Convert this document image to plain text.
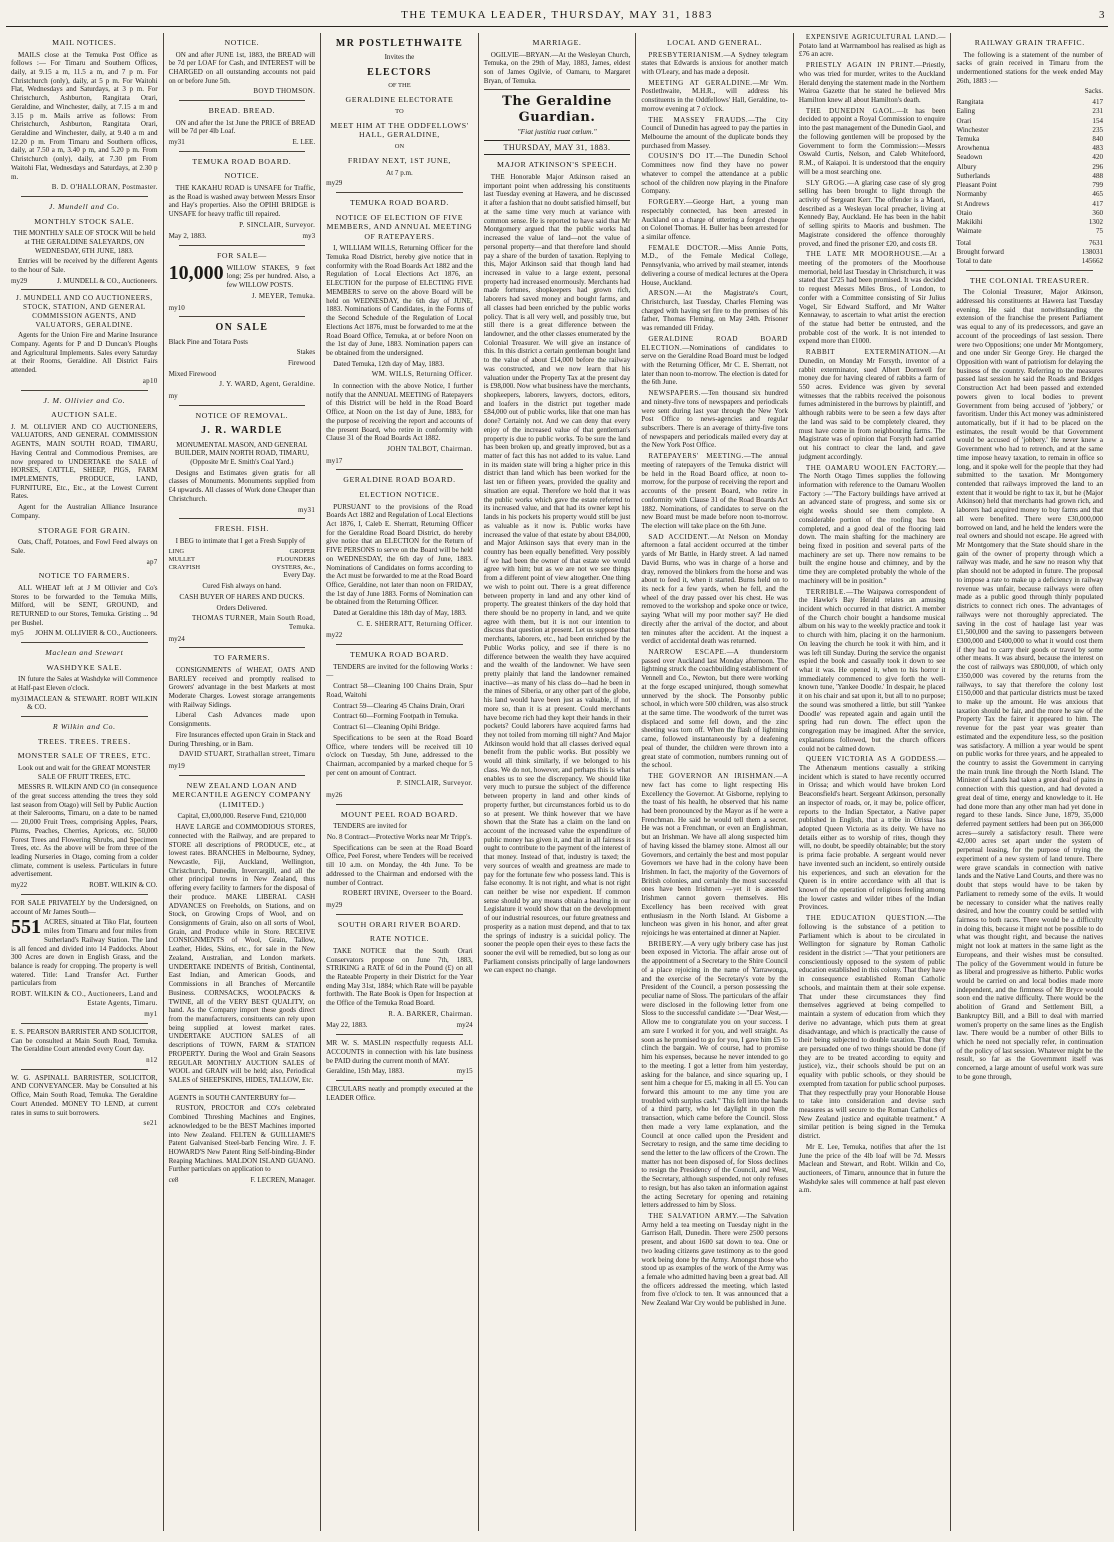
THE TEMUKA LEADER, THURSDAY, MAY 31, 1883	3
MAIL NOTICES.

MAILS close at the Temuka Post Office as follows :— For Timaru and Southern Offices, daily, at 9.15 a m, 11.5 a m, and 7 p m. For Christchurch (only), daily, at 5 p m. For Waitohi Flat, Wednesdays and Saturdays, at 3 p m. For Christchurch, Ashburton, Rangitata Orari, Geraldine, and Winchester, daily, at 7.15 a m and 3.15 p m. Mails arrive as follows: From Christchurch, Ashburton, Rangitata Orari, Geraldine and Winchester, daily, at 9.40 a m and 12.20 p m. From Timaru and Southern offices, daily, at 7.50 a m, 3.40 p m, and 5.20 p m. From Christchurch (only), daily, at 7.30 pm From Waitohi Flat, Wednesdays and Saturdays, at 2.30 p m.

B. D. O'HALLORAN, Postmaster.

J. Mundell and Co.
MONTHLY STOCK SALE.

THE MONTHLY SALE OF STOCK Will be held at THE GERALDINE SALEYARDS, ON WEDNESDAY, 6TH JUNE, 1883.

Entries will be received by the different Agents to the hour of Sale.

my29	J. MUNDELL & CO., Auctioneers.

J. MUNDELL AND CO AUCTIONEERS, STOCK, STATION, AND GENERAL COMMISSION AGENTS, AND VALUATORS, GERALDINE.

Agents for the Union Fire and Marine Insurance Company. Agents for P and D Duncan's Ploughs and Agricultural Implements. Sales every Saturday at their Rooms, Geraldine. All District Fairs attended.

ap10

J. M. Ollivier and Co.
AUCTION SALE.

J. M. OLLIVIER AND CO AUCTIONEERS, VALUATORS, AND GENERAL COMMISSION AGENTS, MAIN SOUTH ROAD, TIMARU, Having Central and Commodious Premises, are now prepared to UNDERTAKE the SALE of HORSES, CATTLE, SHEEP, PIGS, FARM IMPLEMENTS, PRODUCE, LAND, FURNITURE, Etc., Etc., at the Lowest Current Rates.

Agent for the Australian Alliance Insurance Company.

STORAGE FOR GRAIN.

Oats, Chaff, Potatoes, and Fowl Feed always on Sale.

ap7

NOTICE TO FARMERS.

ALL WHEAT left at J M Ollivier and Co's Stores to be forwarded to the Temuka Mills, Milford, will be SENT, GROUND, and RETURNED to our Stores, Temuka. Gristing ... 9d per Bushel.

my5 JOHN M. OLLIVIER & CO., Auctioneers.
Maclean and Stewart
WASHDYKE SALE.

IN future the Sales at Washdyke will Commence at Half-past Eleven o'clock.

my31 MACLEAN & STEWART. ROBT WILKIN & CO.
R Wilkin and Co.
TREES. TREES. TREES.
MONSTER SALE OF TREES, ETC.

Look out and wait for the GREAT MONSTER SALE OF FRUIT TREES, ETC.

MESSRS R. WILKIN AND CO (in consequence of the great success attending the trees they sold last season from Otago) will Sell by Public Auction at their Salerooms, Timaru, on a date to be named— 20,000 Fruit Trees, comprising Apples, Pears, Plums, Peaches, Cherries, Apricots, etc. 50,000 Forest Trees and Flowering Shrubs, and Specimen Trees, etc. As the above will be from three of the leading Nurseries in Otago, coming from a colder climate, comment is useless. Particulars in future advertisement.

my22	ROBT. WILKIN & CO.

FOR SALE PRIVATELY by the Undersigned, on account of Mr James South—

551 ACRES, situated at Tiko Flat, fourteen miles from Timaru and four miles from Sutherland's Railway Station. The land is all fenced and divided into 14 Paddocks. About 300 Acres are down in English Grass, and the balance is ready for cropping. The property is well watered. Title: Land Transfer Act. Further particulars from

ROBT. WILKIN & CO., Auctioneers, Land and Estate Agents, Timaru.

my1

E. S. PEARSON BARRISTER AND SOLICITOR, Can be consulted at Main South Road, Temuka. The Geraldine Court attended every Court day.

n12

W. G. ASPINALL BARRISTER, SOLICITOR, AND CONVEYANCER. May be Consulted at his Office, Main South Road, Temuka. The Geraldine Court Attended. MONEY TO LEND, at current rates in sums to suit borrowers.

se21

NOTICE.

ON and after JUNE 1st, 1883, the BREAD will be 7d per LOAF for Cash, and INTEREST will be CHARGED on all outstanding accounts not paid on or before June 5th.

BOYD THOMSON.

BREAD. BREAD.

ON and after the 1st June the PRICE of BREAD will be 7d per 4lb Loaf.

my31	E. LEE.
TEMUKA ROAD BOARD.
NOTICE.

THE KAKAHU ROAD is UNSAFE for Traffic, as the Road is washed away between Messrs Ensor and Hay's properties. Also the OPIHI BRIDGE is UNSAFE for heavy traffic till repaired.

P. SINCLAIR, Surveyor.

May 2, 1883.	my3
FOR SALE—

10,000 WILLOW STAKES, 9 feet long; 25s per hundred. Also, a few WILLOW POSTS.

J. MEYER, Temuka.

my10

ON SALE

Black Pine and Totara Posts

Stakes

Firewood

Mixed Firewood

J. Y. WARD, Agent, Geraldine.

my

NOTICE OF REMOVAL.
J. R. WARDLE

MONUMENTAL MASON, AND GENERAL BUILDER, MAIN NORTH ROAD, TIMARU, (Opposite Mr E. Smith's Coal Yard.)

Designs and Estimates given gratis for all classes of Monuments. Monuments supplied from £4 upwards. All classes of Work done Cheaper than Christchurch.

my31

FRESH. FISH.

I BEG to intimate that I get a Fresh Supply of

LING	GROPER
MULLET	FLOUNDERS
CRAYFISH	OYSTERS, &c.,

Every Day.

Cured Fish always on hand.

CASH BUYER OF HARES AND DUCKS.

Orders Delivered.

THOMAS TURNER, Main South Road, Temuka.

my24

TO FARMERS.

CONSIGNMENTS of WHEAT, OATS AND BARLEY received and promptly realised to Growers' advantage in the best Markets at most Moderate Charges. Lowest storage arrangements with Railway Sidings.

Liberal Cash Advances made upon Consignments.

Fire Insurances effected upon Grain in Stack and During Threshing, or in Barn.

DAVID STUART, Strathallan street, Timaru

my19

NEW ZEALAND LOAN AND MERCANTILE AGENCY COMPANY (LIMITED.)

Capital, £3,000,000. Reserve Fund, £210,000

HAVE LARGE and COMMODIOUS STORES, connected with the Railway, and are prepared to STORE all descriptions of PRODUCE, etc., at lowest rates. BRANCHES in Melbourne, Sydney, Newcastle, Fiji, Auckland, Wellington, Christchurch, Dunedin, Invercargill, and all the other principal towns in New Zealand, thus offering every facility to farmers for the disposal of their produce. MAKE LIBERAL CASH ADVANCES on Freeholds, on Stations, and on Stock, on Growing Crops of Wool, and on Consignments of Grain, also on all sorts of Wool, Grain, and Produce while in Store. RECEIVE CONSIGNMENTS of Wool, Grain, Tallow, Leather, Hides, Skins, etc., for sale in the New Zealand, Australian, and London markets. UNDERTAKE INDENTS of British, Continental, East Indian, and American Goods, and Commissions in all Branches of Mercantile Business. CORNSACKS, WOOLPACKS & TWINE, all of the VERY BEST QUALITY, on hand. As the Company import these goods direct from the manufacturers, consituents can rely upon being supplied at lowest market rates. UNDERTAKE AUCTION SALES of all descriptions of TOWN, FARM & STATION PROPERTY. During the Wool and Grain Seasons REGULAR MONTHLY AUCTION SALES of WOOL and GRAIN will be held; also, Periodical SALES of SHEEPSKINS, HIDES, TALLOW, Etc.

AGENTS in SOUTH CANTERBURY for—

RUSTON, PROCTOR and CO's celebrated Combined Threshing Machines and Engines, acknowledged to be the BEST Machines imported into New Zealand. FELTEN & GUILLIAME'S Patent Galvanised Steel-barb Fencing Wire. J. F. HOWARD'S New Patent Ring Self-binding-Binder Reaping Machines. MALDON ISLAND GUANO. Further particulars on application to

ce8	F. LECREN, Manager.
MR POSTLETHWAITE

Invites the

ELECTORS

OF THE

GERALDINE ELECTORATE

TO

MEET HIM AT THE ODDFELLOWS' HALL, GERALDINE,

ON

FRIDAY NEXT, 1ST JUNE,

At 7 p.m.

my29

TEMUKA ROAD BOARD.
NOTICE OF ELECTION OF FIVE MEMBERS, AND ANNUAL MEETING OF RATEPAYERS.

I, WILLIAM WILLS, Returning Officer for the Temuka Road District, hereby give notice that in conformity with the Road Boards Act 1882 and the Regulation of Local Elections Act 1876, an ELECTION for the purpose of ELECTING FIVE MEMBERS to serve on the above Board will be held on WEDNESDAY, the 6th day of JUNE, 1883. Nominations of Candidates, in the Forms of the Second Schedule of the Regulation of Local Elections Act 1876, must be forwarded to me at the Road Board Office, Temuka, at or before Noon on the 1st day of June, 1883. Nomination papers can be obtained from the undersigned.

Dated Temuka, 12th day of May, 1883.

WM. WILLS, Returning Officer.

In connection with the above Notice, I further notify that the ANNUAL MEETING of Ratepayers of this District will be held in the Road Board Office, at Noon on the 1st day of June, 1883, for the purpose of receiving the report and accounts of the present Board, who retire in conformity with Clause 31 of the Road Boards Act 1882.

JOHN TALBOT, Chairman.

my17

GERALDINE ROAD BOARD.
ELECTION NOTICE.

PURSUANT to the provisions of the Road Boards Act 1882 and Regulation of Local Elections Act 1876, I, Caleb E. Sherratt, Returning Officer for the Geraldine Road Board District, do hereby give notice that an ELECTION for the Return of FIVE PERSONS to serve on the Board will be held on WEDNESDAY, the 6th day of June, 1883. Nominations of Candidates on forms according to the Act must be forwarded to me at the Road Board Office, Geraldine, not later than noon on FRIDAY, the 1st day of June 1883. Forms of Nomination can be obtained from the Returning Officer.

Dated at Geraldine this 18th day of May, 1883.

C. E. SHERRATT, Returning Officer.

my22

TEMUKA ROAD BOARD.

TENDERS are invited for the following Works :—

Contract 58—Cleaning 100 Chains Drain, Spur Road, Waitohi

Contract 59—Clearing 45 Chains Drain, Orari

Contract 60—Forming Footpath in Temuka.

Contract 61—Cleaning Opihi Bridge.

Specifications to be seen at the Road Board Office, where tenders will be received till 10 o'clock on Tuesday, 5th June, addressed to the Chairman, accompanied by a marked cheque for 5 per cent on amount of Contract.

P. SINCLAIR, Surveyor.

my26

MOUNT PEEL ROAD BOARD.

TENDERS are invited for

No. 8 Contract—Protective Works near Mr Tripp's.

Specifications can be seen at the Road Board Office, Peel Forest, where Tenders will be received till 10 a.m. on Monday, the 4th June. To be addressed to the Chairman and endorsed with the number of Contract.

ROBERT IRVINE, Overseer to the Board.

my29

SOUTH ORARI RIVER BOARD.
RATE NOTICE.

TAKE NOTICE that the South Orari Conservators propose on June 7th, 1883, STRIKING a RATE of 6d in the Pound (£) on all the Rateable Property in their District for the Year ending May 31st, 1884; which Rate will be payable forthwith. The Rate Book is Open for Inspection at the Office of the Temuka Road Board.

R. A. BARKER, Chairman.

May 22, 1883.	my24

MR W. S. MASLIN respectfully requests ALL ACCOUNTS in connection with his late business be PAID during the current month of MAY.

Geraldine, 15th May, 1883.	my15

CIRCULARS neatly and promptly executed at the LEADER Office.

MARRIAGE.

OGILVIE—BRYAN.—At the Wesleyan Church, Temuka, on the 29th of May, 1883, James, eldest son of James Ogilvie, of Oamaru, to Margaret Bryan, of Temuka.

The Geraldine Guardian.
"Fiat justitia ruat cœlum."
THURSDAY, MAY 31, 1883.
MAJOR ATKINSON'S SPEECH.

THE Honorable Major Atkinson raised an important point when addressing his constituents last Tuesday evening at Hawera, and he discussed it after a fashion that no doubt satisfied himself, but at the same time very much at variance with common sense. He is reported to have said that Mr Montgomery argued that the public works had increased the value of land—not the value of personal property—and that therefore land should pay a share of the burden of taxation. Replying to this, Major Atkinson said that though land had increased in value to a large extent, personal property had increased enormously. Merchants had made fortunes, shopkeepers had grown rich, laborers had saved money and bought farms, and all classes had been enriched by the public works policy. That is all very well, and possibly true, but still there is a great difference between the landowner, and the other classes enumerated by the Colonial Treasurer. We will give an instance of this. In this district a certain gentleman bought land to the value of about £14,000 before the railway was constructed, and we now learn that his valuation under the Property Tax at the present day is £98,000. Now what business have the merchants, shopkeepers, laborers, lawyers, doctors, editors, and loafers in the district put together made £84,000 out of public works, like that one man has done? Certainly not. And we can deny that every enjoy of the increased value of that gentleman's property is due to public works. To be sure the land has been broken up, and greatly improved, but as a matter of fact this has not added to its value. Land in its maiden state will bring a higher price in this district than land which has been worked for the last ten or fifteen years, provided the quality and situation are equal. Therefore we hold that it was the public works which gave the estate referred to its increased value, and that had its owner kept his lands in his pockets his property would still be just as valuable as it now is. Public works have increased the value of that estate by about £84,000, and Major Atkinson says that every man in the country has been equally benefitted. Very possibly if we had been the owner of that estate we would agree with him; but as we are not we see things from a different point of view altogether. One thing we wish to point out. There is a great difference between property in land and any other kind of property. The greatest thinkers of the day hold that there should be no property in land, and we quite agree with them, but it is not our intention to discuss that question at present. Let us suppose that merchants, laborers, etc., had been enriched by the Public Works policy, and see if there is no difference between the wealth they have acquired and the wealth of the landowner. We have seen pretty plainly that land the landowner remained inactive—as many of his class do—had he been in the mines of Siberia, or any other part of the globe, his land would have been just as valuable, if not more so, than it is at present. Could merchants have become rich had they kept their hands in their pockets? Could laborers have acquired farms had they not toiled from morning till night? And Major Atkinson would hold that all classes derived equal benefit from the public works. But possibly we would all think similarly, if we belonged to his class. We do not, however, and perhaps this is what enables us to see the discrepancy. We should like very much to pursue the subject of the difference between property in land and other kinds of property further, but circumstances forbid us to do so at present. We think however that we have shown that the State has a claim on the land on account of the increased value the expenditure of public money has given it, and that in all fairness it ought to contribute to the payment of the interest of that money. Instead of that, industry is taxed; the very sources of wealth and greatness are made to pay for the fortunate few who possess land. This is false economy. It is not right, and what is not right can neither be wise nor expedient. If common sense should by any means obtain a hearing in our Legislature it would show that on the development of our industrial resources, our future greatness and prosperity as a nation must depend, and that to tax the springs of industry is a suicidal policy. The sooner the people open their eyes to these facts the sooner the evil will be remedied, but so long as our Parliament consists principally of large landowners we can expect no change.

LOCAL AND GENERAL.

PRESBYTERIANISM.—A Sydney telegram states that Edwards is anxious for another match with O'Leary, and has made a deposit.

MEETING AT GERALDINE.—Mr Wm. Postlethwaite, M.H.R., will address his constituents in the Oddfellows' Hall, Geraldine, to-morrow evening at 7 o'clock.

THE MASSEY FRAUDS.—The City Council of Dunedin has agreed to pay the parties in Melbourne the amount of the duplicate bonds they purchased from Massey.

COUSIN'S DO IT.—The Dunedin School Committees now find they have no power whatever to compel the attendance at a public school of the children now playing in the Pinafore Company.

FORGERY.—George Hart, a young man respectably connected, has been arrested in Auckland on a charge of uttering a forged cheque on Colonel Thomas. H. Buller has been arrested for a similar offence.

FEMALE DOCTOR.—Miss Annie Potts, M.D., of the Female Medical College, Pennsylvania, who arrived by mail steamer, intends delivering a course of medical lectures at the Opera House, Auckland.

ARSON.—At the Magistrate's Court, Christchurch, last Tuesday, Charles Fleming was charged with having set fire to the premises of his father, Thomas Fleming, on May 24th. Prisoner was remanded till Friday.

GERALDINE ROAD BOARD ELECTION.—Nominations of candidates to serve on the Geraldine Road Board must be lodged with the Returning Officer, Mr C. E. Sherratt, not later than noon to-morrow. The election is dated for the 6th June.

NEWSPAPERS.—Ten thousand six hundred and ninety-five tons of newspapers and periodicals were sent during last year through the New York Post Office to news-agencies and regular subscribers. There is an average of thirty-five tons of newspapers and periodicals mailed every day at the New York Post Office.

RATEPAYERS' MEETING.—The annual meeting of ratepayers of the Temuka district will be held in the Road Board office, at noon to-morrow, for the purpose of receiving the report and accounts of the present Board, who retire in conformity with Clause 31 of the Road Boards Act 1882. Nominations, of candidates to serve on the new Board must be made before noon to-morrow. The election will take place on the 6th June.

SAD ACCIDENT.—At Nelson on Monday afternoon a fatal accident occurred at the timber yards of Mr Battle, in Hardy street. A lad named David Burns, who was in charge of a horse and dray, removed the blinkers from the horse and was about to feed it, when it started. Burns held on to its neck for a few yards, when he fell, and the wheel of the dray passed over his chest. He was removed to the workshop and spoke once or twice, saying 'What will my poor mother say?' He died directly after the arrival of the doctor, and about ten minutes after the accident. At the inquest a verdict of accidental death was returned.

NARROW ESCAPE.—A thunderstorm passed over Auckland last Monday afternoon. The lightning struck the coachbuilding establishment of Vennell and Co., Newton, but there were working at the forge escaped uninjured, though somewhat unnerved by the shock. The Ponsonby public school, in which were 500 children, was also struck at the same time. The woodwork of the turret was displaced and some fell down, and the zinc sheeting was torn off. When the flash of lightning came, followed instantaneously by a deafening peal of thunder, the children were thrown into a great state of commotion, numbers running out of the school.

THE GOVERNOR AN IRISHMAN.—A new fact has come to light respecting His Excellency the Governor. At Gisborne, replying to the toast of his health, he observed that his name had been pronounced by the Mayor as if he were a Frenchman. He said he would tell them a secret. He was not a Frenchman, or even an Englishman, but an Irishman. We have all along suspected him of having kissed the blarney stone. Almost all our Governors, and certainly the best and most popular Governors we have had in the colony have been Irishmen. In fact, the majority of the Governors of British colonies, and certainly the most successful ones have been Irishmen —yet it is asserted Irishmen cannot govern themselves. His Excellency has been received with great enthusiasm in the North Island. At Gisborne a luncheon was given in his honor, and after great rejoicings he was entertained at dinner at Napier.

BRIBERY.—A very ugly bribery case has just been exposed in Victoria. The affair arose out of the appointment of a Secretary to the Shire Council of a place rejoicing in the name of Yarrawonga, and the exercise of the Secretary's vote by the President of the Council, a person possessing the peculiar name of Sloss. The particulars of the affair were disclosed in the following letter from one Sloss to the successful candidate :—"Dear West,—Allow me to congratulate you on your success. I am sure I worked it for you, and well straight. As soon as he promised to go for you, I gave him £5 to clinch the bargain. We of course, had to promise him his expenses, because he never intended to go to the meeting. I got a letter from him yesterday, asking for the balance, and since squaring up, I sent him a cheque for £5, making in all £5. You can forward this amount to me any time you are troubled with surplus cash." This fell into the hands of a third party, who let daylight in upon the transaction, which came before the Council. Sloss then made a very lame explanation, and the Council at once called upon the President and Secretary to resign, and the same time deciding to send the letter to the law officers of the Crown. The matter has not been disposed of, for Sloss declines to resign the Presidency of the Council, and West, the Secretary, although suspended, not only refuses to resign, but has also taken an information against the acting Secretary for opening and retaining letters addressed to him by Sloss.

THE SALVATION ARMY.—The Salvation Army held a tea meeting on Tuesday night in the Garrison Hall, Dunedin. There were 2500 persons present, and about 1600 sat down to tea. One or two leading citizens gave testimony as to the good work being done by the Army. Amongst those who stood up as examples of the work of the Army was a female who admitted having been a great bad. All the officers addressed the meeting, which lasted from five o'clock to ten. It was announced that a New Zealand War Cry would be published in June.

EXPENSIVE AGRICULTURAL LAND.—Potato land at Warrnambool has realised as high as £76 an acre.

PRIESTLY AGAIN IN PRINT.—Priestly, who was tried for murder, writes to the Auckland Herald denying the statement made in the Northern Wairoa Gazette that he stated he believed Mrs Hamilton knew all about Hamilton's death.

THE DUNEDIN GAOL.—It has been decided to appoint a Royal Commission to enquire into the past management of the Dunedin Gaol, and the following gentlemen will be proposed by the Government to form the Commission:—Messrs Oswald Curtis, Nelson, and Caleb Whitefoord, R.M., of Kaiapoi. It is understood that the enquiry will be a most searching one.

SLY GROG.—A glaring case case of sly grog selling has been brought to light through the activity of Sergeant Kerr. The offender is a Maori, described as a Wesleyan local preacher, living at Kennedy Bay, Auckland. He has been in the habit of selling spirits to Maoris and bushmen. The Magistrate considered the offence thoroughly proved, and fined the prisoner £20, and costs £8.

THE LATE MR MOORHOUSE.—At a meeting of the promoters of the Moorhouse memorial, held last Tuesday in Christchurch, it was stated that £725 had been promised. It was decided to request Messrs Miles Bros., of London, to confer with a Committee consisting of Sir Julius Vogel, Sir Edward Stafford, and Mr Walter Kennaway, to ascertain to what artist the erection of the statue had better be entrusted, and the probable cost of the work. It is not intended to expend more than £1000.

RABBIT EXTERMINATION.—At Dunedin, on Monday Mr Forsyth, inventor of a rabbit exterminator, sued Albert Dornwell for money due for having cleared of rabbits a farm of 550 acres. Evidence was given by several witnesses that the rabbits received the poisonous fumes administered in the burrows by plaintiff, and although rabbits were to be seen a few days after the land was said to be completely cleared, they must have come in from neighbouring farms. The Magistrate was of opinion that Forsyth had carried out his contract to clear the land, and gave judgment accordingly.

THE OAMARU WOOLEN FACTORY.—The North Otago Times supplies the following information with reference to the Oamaru Woollen Factory :—"The Factory buildings have arrived at an advanced state of progress, and some six or eight weeks should see them complete. A considerable portion of the roofing has been completed, and a good deal of the flooring laid down. The main shafting for the machinery are being fixed in position and several parts of the machinery are set up. There now remains to be built the engine house and chimney, and by the time they are completed probably the whole of the machinery will be in position."

TERRIBLE.—The Waipawa correspondent of the Hawke's Bay Herald relates an amusing incident which occurred in that district. A member of the Church choir bought a handsome musical album on his way to the weekly practice and took it to church with him, placing it on the harmonium. On leaving the church he took it with him, and it was left till Sunday. During the service the organist espied the book and casually took it down to see what it was. He opened it, when to his horror it immediately commenced to give forth the well-known tune, 'Yankee Doodle.' In despair, he placed it on his chair and sat upon it, but all to no purpose; the sound was smothered a little, but still 'Yankee Doodle' was repeated again and again until the spring had run down. The effect upon the congregation may be imagined. After the service, explanations followed, but the church officers could not be calmed down.

QUEEN VICTORIA AS A GODDESS.—The Athenæum mentions casually a striking incident which is stated to have recently occurred in Orissa; and which would have broken Lord Beaconsfield's heart. Sergeant Atkinson, personally an inspector of roads, or, it may be, police officer, reports to the Indian Spectator, a Native paper published in English, that a tribe in Orissa has adopted Queen Victoria as its deity. We have no details either as to worship of rites, though they will, no doubt, be speedily obtainable; but the story is prima facie probable. A sergeant would never have invented such an incident, so entirely outside his experiences, and such an elevation for the Queen is in entire accordance with all that is known of the operation of religious feeling among the lower castes and wilder tribes of the Indian Provinces.

THE EDUCATION QUESTION.—The following is the substance of a petition to Parliament which is about to be circulated in Wellington for signature by Roman Catholic resident in the district :—"That your petitioners are conscientiously opposed to the system of public education established in this colony. That they have in consequence established Roman Catholic schools, and maintain them at their sole expense. That under these circumstances they find themselves aggrieved at being compelled to maintain a system of education from which they derive no advantage, which puts them at great disadvantage, and which is practically the cause of their being subjected to double taxation. That they are persuaded one of two things should be done (if they are to be treated according to equity and justice), viz., their schools should be put on an equality with public schools, or they should be exempted from taxation for public school purposes. That they respectfully pray your Honorable House to take into consideration and devise such measures as will secure to the Roman Catholics of New Zealand justice and equitable treatment." A similar petition is being signed in the Temuka district.

Mr E. Lee, Temuka, notifies that after the 1st June the price of the 4lb loaf will be 7d. Messrs Maclean and Stewart, and Robt. Wilkin and Co, auctioneers, of Timaru, announce that in future the Washdyke sales will commence at half past eleven a.m.

RAILWAY GRAIN TRAFFIC.

The following is a statement of the number of sacks of grain received in Timaru from the undermentioned stations for the week ended May 26th, 1883 :—

Sacks.

Rangitata	417
Ealing	231
Orari	154
Winchester	235
Temuka	840
Arowhenua	483
Seadown	420
Albury	296
Sutherlands	488
Pleasant Point	799
Normanby	465
St Andrews	417
Otaio	360
Makikihi	1302
Waimate	75
Total	7631
Brought forward	138031
Total to date	145662
THE COLONIAL TREASURER.

The Colonial Treasurer, Major Atkinson, addressed his constituents at Hawera last Tuesday evening. He said that notwithstanding the extension of the franchise the present Parliament was equal to any of its predecessors, and gave an account of the proceedings of last session. There were two Oppositions; one under Mr Montgomery, and one under Sir George Grey. He charged the Opposition with want of patriotism for delaying the business of the country. Referring to the measures passed last session he said the Roads and Bridges Construction Act had been passed and extended powers given to local bodies to prevent Government from being accused of 'jobbery,' or favoritism. Under this Act money was administered automatically, but if it had to be placed on the estimates, the result would be that Government would be accused of 'jobbery.' He never knew a Government who had to retrench, and at the same time impose heavy taxation, to remain in office so long, and it spoke well for the people that they had submitted to the taxation. Mr Montgomery contended that railways improved the land to an extent that it would be right to tax it, but he (Major Atkinson) held that merchants had grown rich, and laborers had acquired money to buy farms and that all were benefited. There were £30,000,000 borrowed on land, and he held the lenders were the real owners and should not escape. He agreed with Mr Montgomery that the State should share in the gain of the owner of property through which a railway was made, and he saw no reason why that plan should not be adopted in future. The proposal to impose a rate to make up a deficiency in railway revenue was unfair, because railways were often made as a public good through thinly populated districts to connect rich ones. The advantages of railways were not thoroughly appreciated. The saving in the cost of haulage last year was £1,500,000 and the saving to passengers between £300,000 and £400,000 to what it would cost them if they had to carry their goods or travel by some other means. It was absurd, because the interest on the cost of railways was £800,000, of which only £350,000 was covered by the returns from the railways, to say that therefore the colony lost £150,000 and that particular districts must be taxed to make up the amount. He was anxious that taxation should be fair, and the more he saw of the Property Tax the fairer it appeared to him. The revenue for the past year was greater than estimated and the expenditure less, so the position was satisfactory. A million a year would be spent on public works for three years, and he appealed to the country to assist the Government in carrying the main trunk line through the North Island. The Minister of Lands had taken a great deal of pains in connection with this question, and had devoted a great deal of time, energy and knowledge to it. He had done more than any other man had yet done in regard to these lands. Since June, 1879, 35,000 deferred payment settlers had been put on 366,000 acres—surely a satisfactory result. There were 42,000 acres set apart under the system of perpetual leasing, for the purpose of trying the experiment of a new system of land tenure. There were grave scandals in connection with native lands and the Native Land Courts, and there was no doubt that steps would have to be taken by Parliament to remedy some of the evils. It would be necessary to consider what the natives really desired, and how the country could be settled with fairness to both races. There would be a difficulty in doing this, because it might not be possible to do what was thought right, and because the natives might not look at matters in the same light as the Europeans, and their wishes must be consulted. The policy of the Government would in future be as liberal and progressive as hitherto. Public works would be carried on and local bodies made more independent, and the firmness of Mr Bryce would soon end the native difficulty. There would be the abolition of Grand and Settlement Bill, a Bankruptcy Bill, and a Bill to deal with married women's property on the same lines as the English law. There would be a number of other Bills to which he need not specially refer, in continuation of the policy of last session. Whatever might be the result, so far as the Government itself was concerned, a large amount of useful work was sure to be gone through,
